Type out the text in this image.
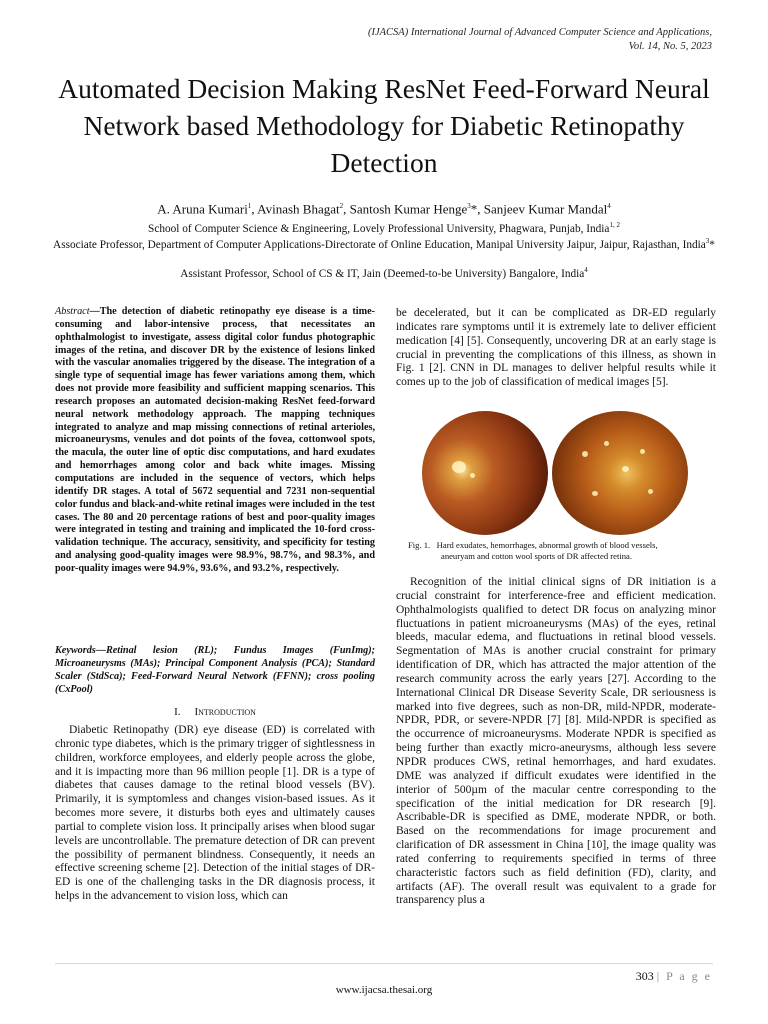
(IJACSA) International Journal of Advanced Computer Science and Applications,
Vol. 14, No. 5, 2023
Automated Decision Making ResNet Feed-Forward Neural Network based Methodology for Diabetic Retinopathy Detection
A. Aruna Kumari$^1$, Avinash Bhagat$^2$, Santosh Kumar Henge$^3$*, Sanjeev Kumar Mandal$^4$
School of Computer Science & Engineering, Lovely Professional University, Phagwara, Punjab, India$^{1, 2}$
Associate Professor, Department of Computer Applications-Directorate of Online Education, Manipal University Jaipur, Jaipur, Rajasthan, India$^3$*
Assistant Professor, School of CS & IT, Jain (Deemed-to-be University) Bangalore, India$^4$
Abstract—The detection of diabetic retinopathy eye disease is a time-consuming and labor-intensive process, that necessitates an ophthalmologist to investigate, assess digital color fundus photographic images of the retina, and discover DR by the existence of lesions linked with the vascular anomalies triggered by the disease. The integration of a single type of sequential image has fewer variations among them, which does not provide more feasibility and sufficient mapping scenarios. This research proposes an automated decision-making ResNet feed-forward neural network methodology approach. The mapping techniques integrated to analyze and map missing connections of retinal arterioles, microaneurysms, venules and dot points of the fovea, cottonwool spots, the macula, the outer line of optic disc computations, and hard exudates and hemorrhages among color and back white images. Missing computations are included in the sequence of vectors, which helps identify DR stages. A total of 5672 sequential and 7231 non-sequential color fundus and black-and-white retinal images were included in the test cases. The 80 and 20 percentage rations of best and poor-quality images were integrated in testing and training and implicated the 10-ford cross-validation technique. The accuracy, sensitivity, and specificity for testing and analysing good-quality images were 98.9%, 98.7%, and 98.3%, and poor-quality images were 94.9%, 93.6%, and 93.2%, respectively.
Keywords—Retinal lesion (RL); Fundus Images (FunImg); Microaneurysms (MAs); Principal Component Analysis (PCA); Standard Scaler (StdSca); Feed-Forward Neural Network (FFNN); cross pooling (CxPool)
I. Introduction
Diabetic Retinopathy (DR) eye disease (ED) is correlated with chronic type diabetes, which is the primary trigger of sightlessness in children, workforce employees, and elderly people across the globe, and it is impacting more than 96 million people [1]. DR is a type of diabetes that causes damage to the retinal blood vessels (BV). Primarily, it is symptomless and changes vision-based issues. As it becomes more severe, it disturbs both eyes and ultimately causes partial to complete vision loss. It principally arises when blood sugar levels are uncontrollable. The premature detection of DR can prevent the possibility of permanent blindness. Consequently, it needs an effective screening scheme [2]. Detection of the initial stages of DR-ED is one of the challenging tasks in the DR diagnosis process, it helps in the advancement to vision loss, which can
be decelerated, but it can be complicated as DR-ED regularly indicates rare symptoms until it is extremely late to deliver efficient medication [4] [5]. Consequently, uncovering DR at an early stage is crucial in preventing the complications of this illness, as shown in Fig. 1 [2]. CNN in DL manages to deliver helpful results while it comes up to the job of classification of medical images [5].
Fig. 1. Hard exudates, hemorrhages, abnormal growth of blood vessels,
aneuryam and cotton wool sports of DR affected retina.
Recognition of the initial clinical signs of DR initiation is a crucial constraint for interference-free and efficient medication. Ophthalmologists qualified to detect DR focus on analyzing minor fluctuations in patient microaneurysms (MAs) of the eyes, retinal bleeds, macular edema, and fluctuations in retinal blood vessels. Segmentation of MAs is another crucial constraint for primary identification of DR, which has attracted the major attention of the research community across the early years [27]. According to the International Clinical DR Disease Severity Scale, DR seriousness is marked into five degrees, such as non-DR, mild-NPDR, moderate-NPDR, PDR, or severe-NPDR [7] [8]. Mild-NPDR is specified as the occurrence of microaneurysms. Moderate NPDR is specified as being further than exactly micro-aneurysms, although less severe NPDR produces CWS, retinal hemorrhages, and hard exudates. DME was analyzed if difficult exudates were identified in the interior of 500µm of the macular centre corresponding to the specification of the initial medication for DR research [9]. Ascribable-DR is specified as DME, moderate NPDR, or both. Based on the recommendations for image procurement and clarification of DR assessment in China [10], the image quality was rated conferring to requirements specified in terms of three characteristic factors such as field definition (FD), clarity, and artifacts (AF). The overall result was equivalent to a grade for transparency plus a
303 | P a g e
www.ijacsa.thesai.org
